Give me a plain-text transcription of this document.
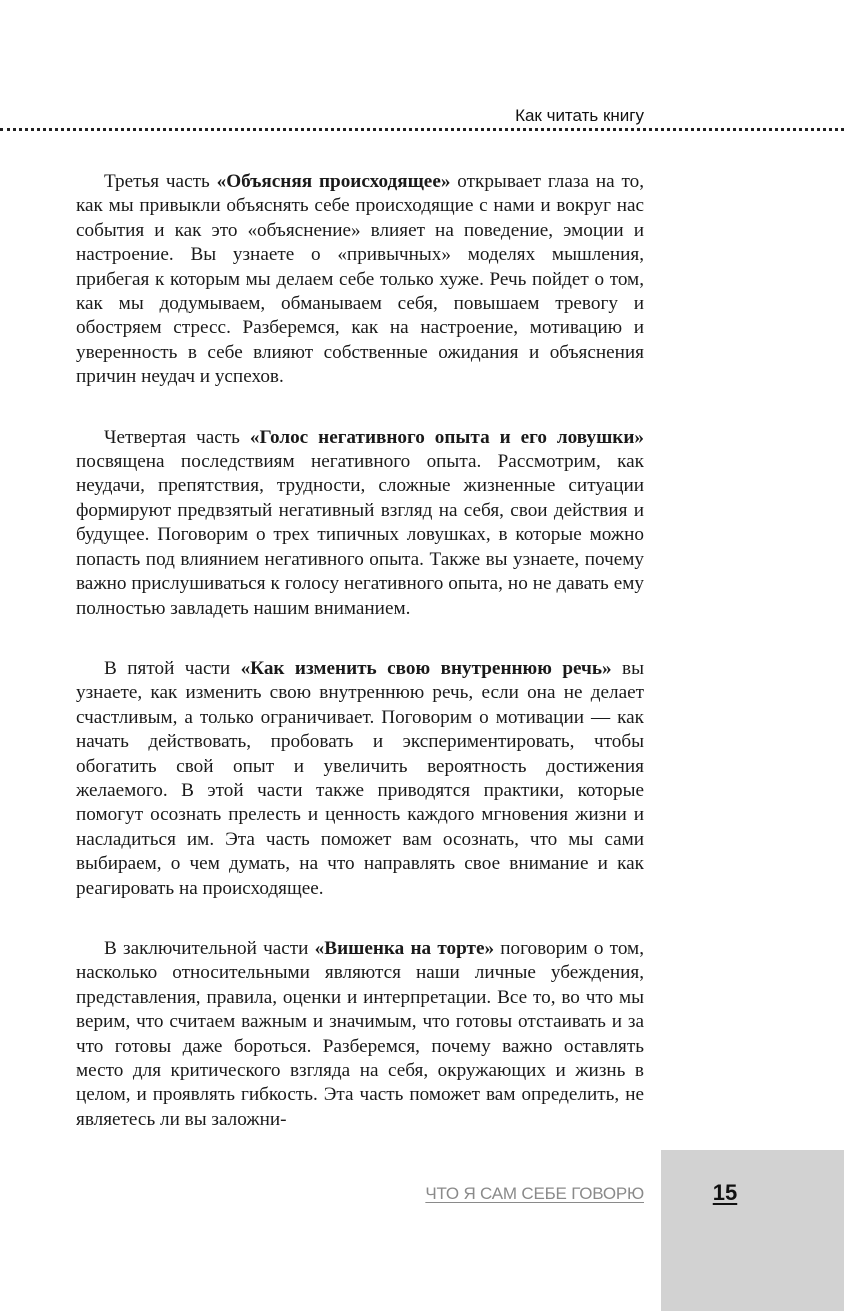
Как читать книгу

Третья часть «Объясняя происходящее» открывает глаза на то, как мы привыкли объяснять себе происходящие с нами и вокруг нас события и как это «объяснение» влияет на поведение, эмоции и настроение. Вы узнаете о «привычных» моделях мышления, прибегая к которым мы делаем себе только хуже. Речь пойдет о том, как мы додумываем, обманываем себя, повышаем тревогу и обостряем стресс. Разберемся, как на настроение, мотивацию и уверенность в себе влияют собственные ожидания и объяснения причин неудач и успехов.

Четвертая часть «Голос негативного опыта и его ловушки» посвящена последствиям негативного опыта. Рассмотрим, как неудачи, препятствия, трудности, сложные жизненные ситуации формируют предвзятый негативный взгляд на себя, свои действия и будущее. Поговорим о трех типичных ловушках, в которые можно попасть под влиянием негативного опыта. Также вы узнаете, почему важно прислушиваться к голосу негативного опыта, но не давать ему полностью завладеть нашим вниманием.

В пятой части «Как изменить свою внутреннюю речь» вы узнаете, как изменить свою внутреннюю речь, если она не делает счастливым, а только ограничивает. Поговорим о мотивации — как начать действовать, пробовать и экспериментировать, чтобы обогатить свой опыт и увеличить вероятность достижения желаемого. В этой части также приводятся практики, которые помогут осознать прелесть и ценность каждого мгновения жизни и насладиться им. Эта часть поможет вам осознать, что мы сами выбираем, о чем думать, на что направлять свое внимание и как реагировать на происходящее.

В заключительной части «Вишенка на торте» поговорим о том, насколько относительными являются наши личные убеждения, представления, правила, оценки и интерпретации. Все то, во что мы верим, что считаем важным и значимым, что готовы отстаивать и за что готовы даже бороться. Разберемся, почему важно оставлять место для критического взгляда на себя, окружающих и жизнь в целом, и проявлять гибкость. Эта часть поможет вам определить, не являетесь ли вы заложни-

15
ЧТО Я САМ СЕБЕ ГОВОРЮ
